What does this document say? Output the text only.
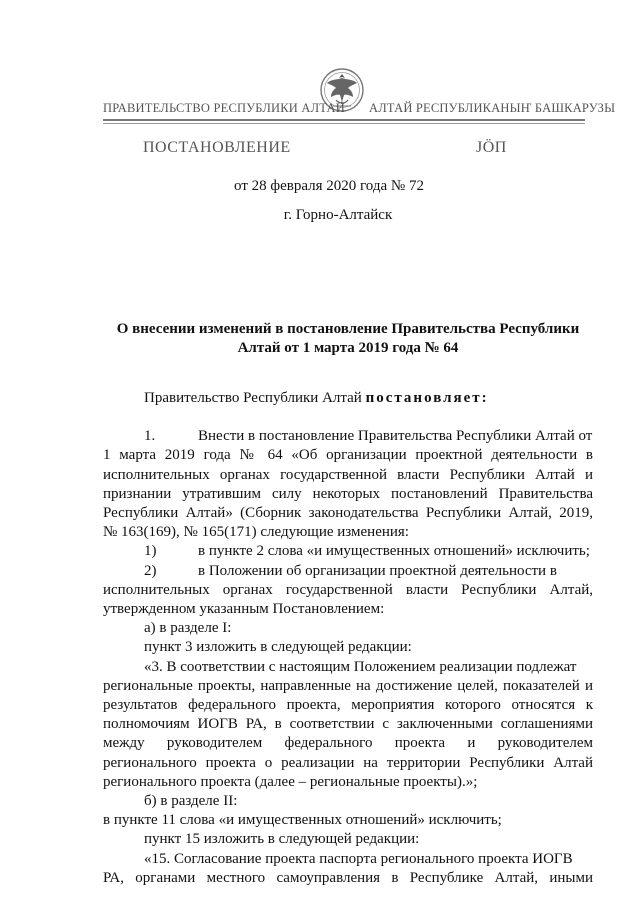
ПРАВИТЕЛЬСТВО РЕСПУБЛИКИ АЛТАЙ АЛТАЙ РЕСПУБЛИКАНЫҤ БАШКАРУЗЫ
ПОСТАНОВЛЕНИЕ	ЈӦП
от 28 февраля 2020 года № 72
г. Горно-Алтайск
О внесении изменений в постановление Правительства Республики
Алтай от 1 марта 2019 года № 64
Правительство Республики Алтай постановляет:
1.	Внести в постановление Правительства Республики Алтай от
1 марта 2019 года № 64 «Об организации проектной деятельности в
исполнительных органах государственной власти Республики Алтай и
признании утратившим силу некоторых постановлений Правительства
Республики Алтай» (Сборник законодательства Республики Алтай, 2019,
№ 163(169), № 165(171) следующие изменения:
1)	в пункте 2 слова «и имущественных отношений» исключить;
2)	в Положении об организации проектной деятельности в
исполнительных органах государственной власти Республики Алтай,
утвержденном указанным Постановлением:
а) в разделе I:
пункт 3 изложить в следующей редакции:
«3. В соответствии с настоящим Положением реализации подлежат
региональные проекты, направленные на достижение целей, показателей и
результатов федерального проекта, мероприятия которого относятся к
полномочиям ИОГВ РА, в соответствии с заключенными соглашениями
между руководителем федерального проекта и руководителем
регионального проекта о реализации на территории Республики Алтай
регионального проекта (далее – региональные проекты).»;
б) в разделе II:
в пункте 11 слова «и имущественных отношений» исключить;
пункт 15 изложить в следующей редакции:
«15. Согласование проекта паспорта регионального проекта ИОГВ
РА, органами местного самоуправления в Республике Алтай, иными
